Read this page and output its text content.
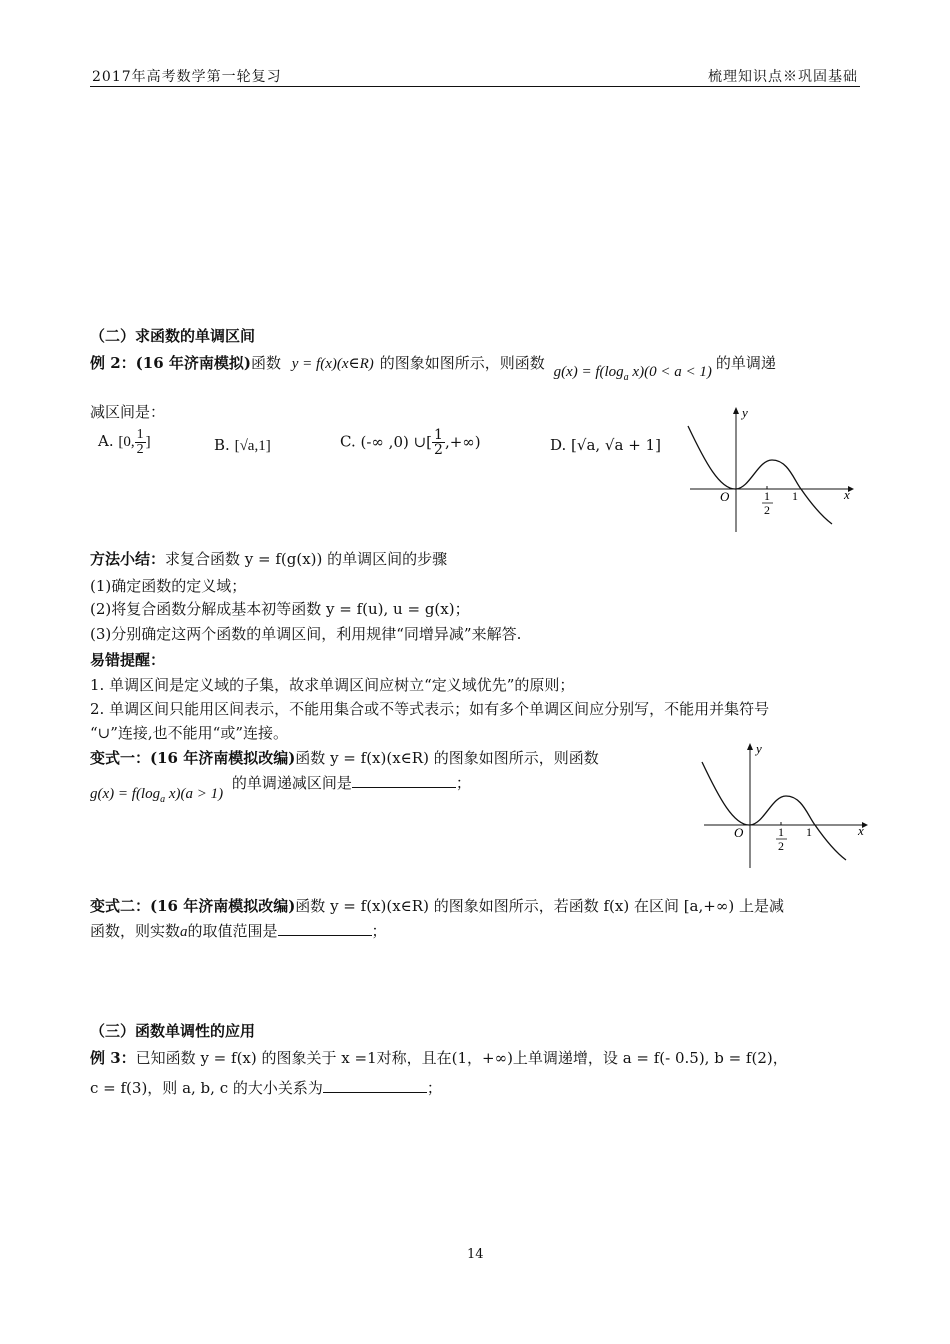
2017年高考数学第一轮复习	梳理知识点※巩固基础
（二）求函数的单调区间
例 2：(16 年济南模拟)函数 y = f(x)(x∈R) 的图象如图所示，则函数 $g(x) = f(\log_a$ x)(0 < a < 1) 的单调递
减区间是：
A. [0, $\frac{1}{2}$ ]	B. [√a,1]	C. (-∞ ,0) ∪[ $\frac{1}{2}$ ,+∞)	D. [√a, √a + 1]
y
x
O	1
2
1
方法小结：求复合函数 y = f(g(x)) 的单调区间的步骤
(1)确定函数的定义域；
(2)将复合函数分解成基本初等函数 y = f(u), u = g(x)；
(3)分别确定这两个函数的单调区间，利用规律“同增异减”来解答.
易错提醒：
1. 单调区间是定义域的子集，故求单调区间应树立“定义域优先”的原则；
2. 单调区间只能用区间表示，不能用集合或不等式表示；如有多个单调区间应分别写，不能用并集符号
“∪”连接,也不能用“或”连接。
变式一：(16 年济南模拟改编)函数 y = f(x)(x∈R) 的图象如图所示，则函数
$g(x) = f(\log_a$ x)(a > 1) 的单调递减区间是	；
y
x
O	1
2
1
变式二：(16 年济南模拟改编)函数 y = f(x)(x∈R) 的图象如图所示，若函数 f(x) 在区间 [a,+∞) 上是减
函数，则实数a的取值范围是	；
（三）函数单调性的应用
例 3：已知函数 y = f(x) 的图象关于 x =1对称，且在(1，+∞)上单调递增，设 a = f(- 0.5), b = f(2)，
c = f(3)，则 a, b, c 的大小关系为	；
14
